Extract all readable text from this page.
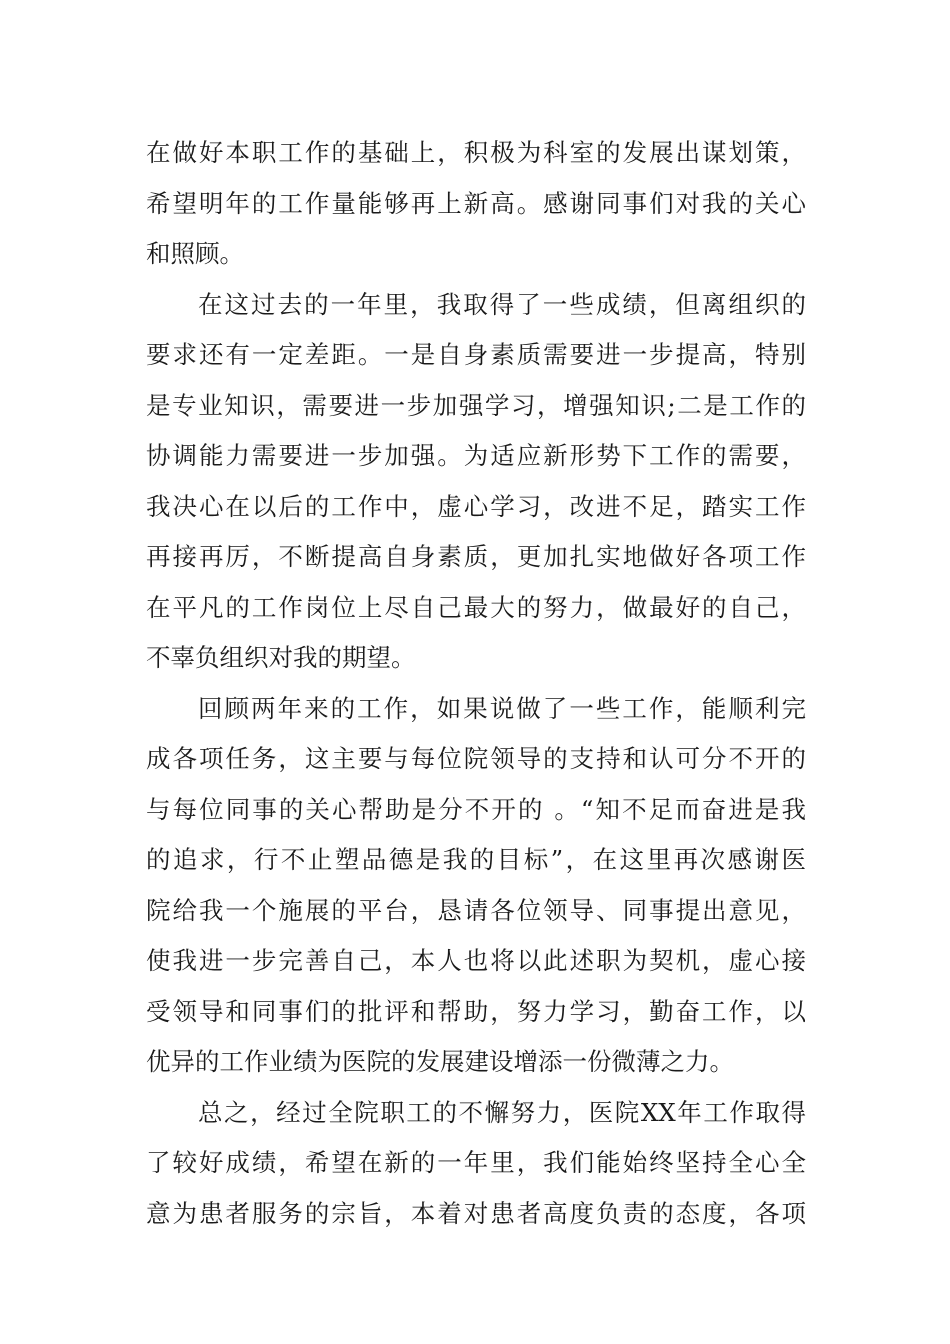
在做好本职工作的基础上，积极为科室的发展出谋划策，
希望明年的工作量能够再上新高。感谢同事们对我的关心
和照顾。
在这过去的一年里，我取得了一些成绩，但离组织的
要求还有一定差距。一是自身素质需要进一步提高，特别
是专业知识，需要进一步加强学习，增强知识;二是工作的
协调能力需要进一步加强。为适应新形势下工作的需要，
我决心在以后的工作中，虚心学习，改进不足，踏实工作
再接再厉，不断提高自身素质，更加扎实地做好各项工作
在平凡的工作岗位上尽自己最大的努力，做最好的自己，
不辜负组织对我的期望。
回顾两年来的工作，如果说做了一些工作，能顺利完
成各项任务，这主要与每位院领导的支持和认可分不开的
与每位同事的关心帮助是分不开的 。“知不足而奋进是我
的追求，行不止塑品德是我的目标”，在这里再次感谢医
院给我一个施展的平台，恳请各位领导、同事提出意见，
使我进一步完善自己，本人也将以此述职为契机，虚心接
受领导和同事们的批评和帮助，努力学习，勤奋工作，以
优异的工作业绩为医院的发展建设增添一份微薄之力。
总之，经过全院职工的不懈努力，医院XX年工作取得
了较好成绩，希望在新的一年里，我们能始终坚持全心全
意为患者服务的宗旨，本着对患者高度负责的态度，各项
